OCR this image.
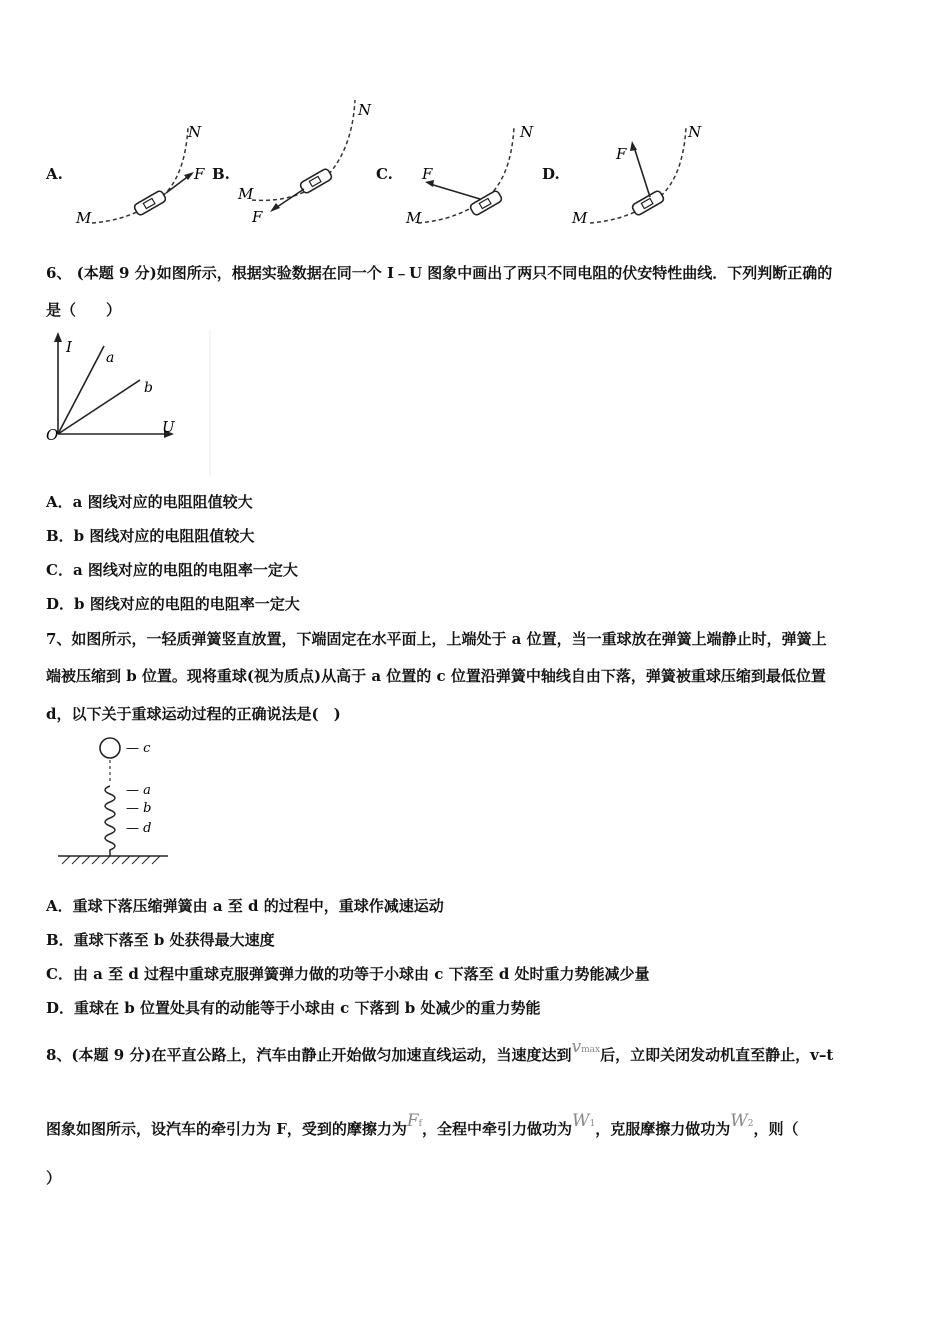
A.	B.	C.	D.
F
N
M	F
N
M
F
N
M
F
N
M
6、 (本题 9 分)如图所示，根据实验数据在同一个 I﹣U 图象中画出了两只不同电阻的伏安特性曲线．下列判断正确的
是（　　）
I
a
b
O	U
A．a 图线对应的电阻阻值较大
B．b 图线对应的电阻阻值较大
C．a 图线对应的电阻的电阻率一定大
D．b 图线对应的电阻的电阻率一定大
7、如图所示，一轻质弹簧竖直放置，下端固定在水平面上，上端处于 a 位置，当一重球放在弹簧上端静止时，弹簧上
端被压缩到 b 位置。现将重球(视为质点)从高于 a 位置的 c 位置沿弹簧中轴线自由下落，弹簧被重球压缩到最低位置
d，以下关于重球运动过程的正确说法是(　)
— c
— a
— b
— d
A．重球下落压缩弹簧由 a 至 d 的过程中，重球作减速运动
B．重球下落至 b 处获得最大速度
C．由 a 至 d 过程中重球克服弹簧弹力做的功等于小球由 c 下落至 d 处时重力势能减少量
D．重球在 b 位置处具有的动能等于小球由 c 下落到 b 处减少的重力势能
8、(本题 9 分)在平直公路上，汽车由静止开始做匀加速直线运动，当速度达到vmax后，立即关闭发动机直至静止，v–t
图象如图所示，设汽车的牵引力为 F，受到的摩擦力为Ff，全程中牵引力做功为W1，克服摩擦力做功为W2，则（
）
